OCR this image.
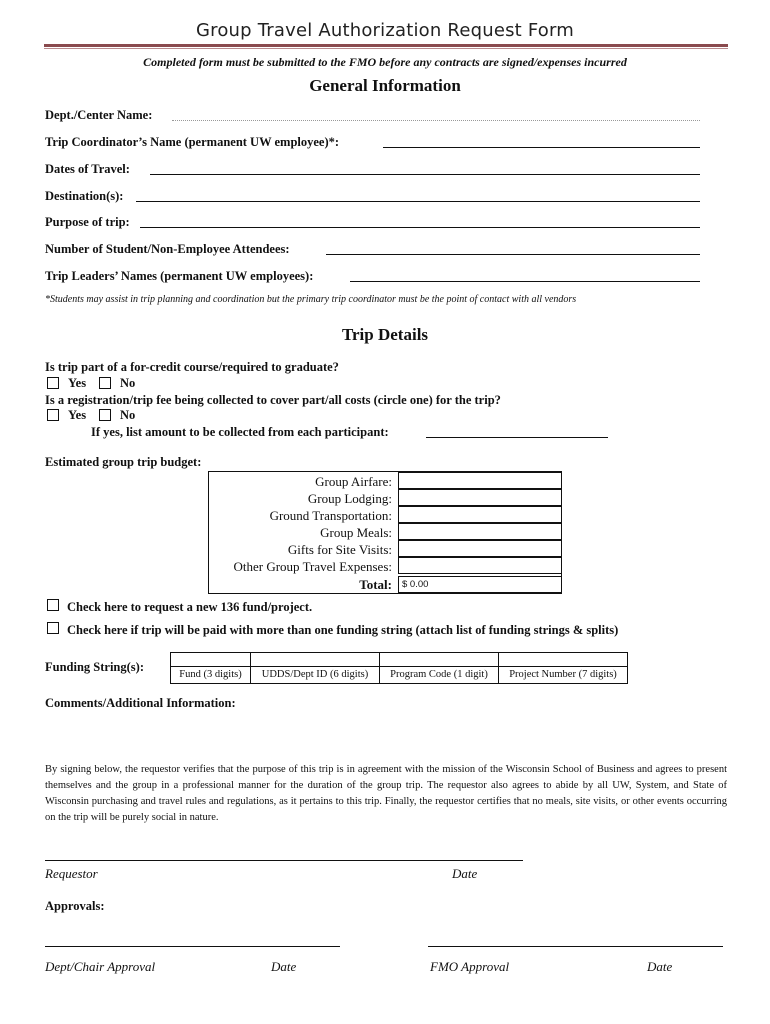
Group Travel Authorization Request Form
Completed form must be submitted to the FMO before any contracts are signed/expenses incurred
General Information
Dept./Center Name:
Trip Coordinator’s Name (permanent UW employee)*:
Dates of Travel:
Destination(s):
Purpose of trip:
Number of Student/Non-Employee Attendees:
Trip Leaders’ Names (permanent UW employees):
*Students may assist in trip planning and coordination but the primary trip coordinator must be the point of contact with all vendors
Trip Details
Is trip part of a for-credit course/required to graduate?
Yes	No
Is a registration/trip fee being collected to cover part/all costs (circle one) for the trip?
Yes	No
If yes, list amount to be collected from each participant:
Estimated group trip budget:
Group Airfare:
Group Lodging:
Ground Transportation:
Group Meals:
Gifts for Site Visits:
Other Group Travel Expenses:
Total:	$ 0.00
Check here to request a new 136 fund/project.
Check here if trip will be paid with more than one funding string (attach list of funding strings & splits)
Funding String(s):
Fund (3 digits)	UDDS/Dept ID (6 digits)	Program Code (1 digit)	Project Number (7 digits)
Comments/Additional Information:
By signing below, the requestor verifies that the purpose of this trip is in agreement with the mission of the Wisconsin School of Business and agrees to present themselves and the group in a professional manner for the duration of the group trip. The requestor also agrees to abide by all UW, System, and State of Wisconsin purchasing and travel rules and regulations, as it pertains to this trip. Finally, the requestor certifies that no meals, site visits, or other events occurring on the trip will be purely social in nature.
Requestor	Date
Approvals:
Dept/Chair Approval	Date	FMO Approval	Date
